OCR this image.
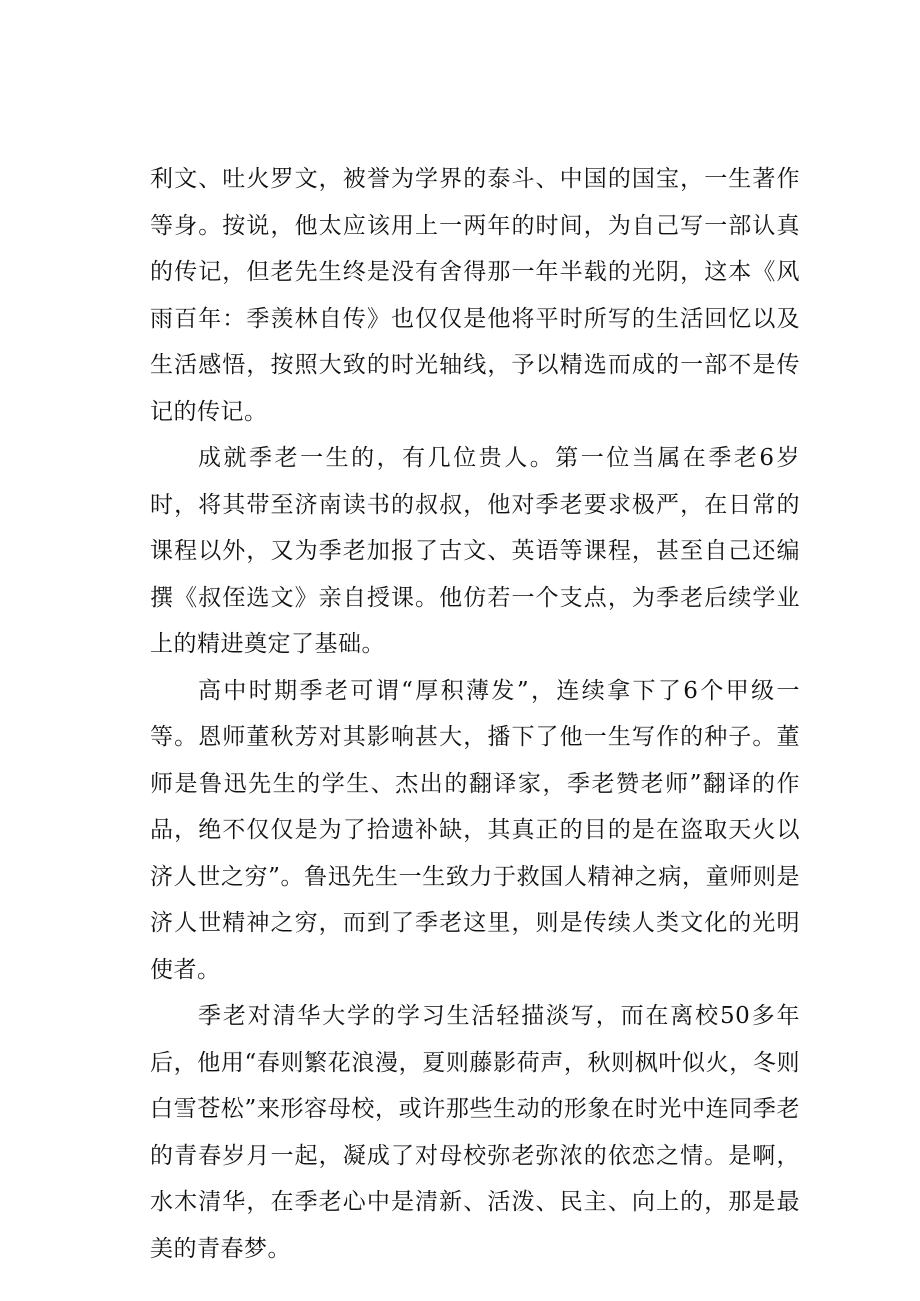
利文、吐火罗文，被誉为学界的泰斗、中国的国宝，一生著作等身。按说，他太应该用上一两年的时间，为自己写一部认真的传记，但老先生终是没有舍得那一年半载的光阴，这本《风雨百年：季羡林自传》也仅仅是他将平时所写的生活回忆以及生活感悟，按照大致的时光轴线，予以精选而成的一部不是传记的传记。

成就季老一生的，有几位贵人。第一位当属在季老6岁时，将其带至济南读书的叔叔，他对季老要求极严，在日常的课程以外，又为季老加报了古文、英语等课程，甚至自己还编撰《叔侄选文》亲自授课。他仿若一个支点，为季老后续学业上的精进奠定了基础。

高中时期季老可谓“厚积薄发”，连续拿下了6个甲级一等。恩师董秋芳对其影响甚大，播下了他一生写作的种子。董师是鲁迅先生的学生、杰出的翻译家，季老赞老师”翻译的作品，绝不仅仅是为了拾遗补缺，其真正的目的是在盗取天火以济人世之穷”。鲁迅先生一生致力于救国人精神之病，童师则是济人世精神之穷，而到了季老这里，则是传续人类文化的光明使者。

季老对清华大学的学习生活轻描淡写，而在离校50多年后，他用“春则繁花浪漫，夏则藤影荷声，秋则枫叶似火，冬则白雪苍松”来形容母校，或许那些生动的形象在时光中连同季老的青春岁月一起，凝成了对母校弥老弥浓的依恋之情。是啊，水木清华，在季老心中是清新、活泼、民主、向上的，那是最美的青春梦。
